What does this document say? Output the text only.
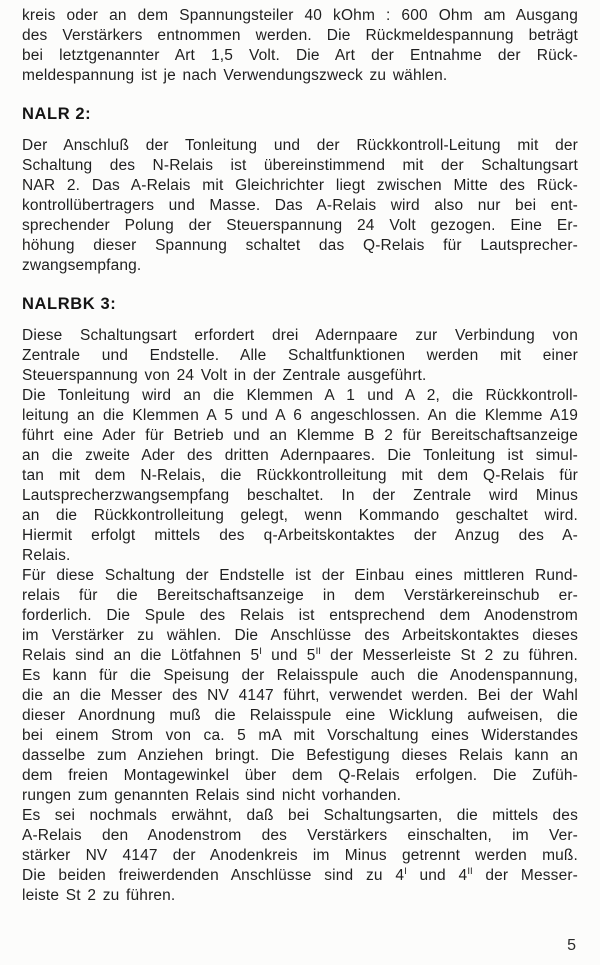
kreis oder an dem Spannungsteiler 40 kOhm : 600 Ohm am Ausgang
des Verstärkers entnommen werden. Die Rückmeldespannung beträgt
bei letztgenannter Art 1,5 Volt. Die Art der Entnahme der Rück-
meldespannung ist je nach Verwendungszweck zu wählen.
NALR 2:
Der Anschluß der Tonleitung und der Rückkontroll-Leitung mit der
Schaltung des N-Relais ist übereinstimmend mit der Schaltungsart
NAR 2. Das A-Relais mit Gleichrichter liegt zwischen Mitte des Rück-
kontrollübertragers und Masse. Das A-Relais wird also nur bei ent-
sprechender Polung der Steuerspannung 24 Volt gezogen. Eine Er-
höhung dieser Spannung schaltet das Q-Relais für Lautsprecher-
zwangsempfang.
NALRBK 3:
Diese Schaltungsart erfordert drei Adernpaare zur Verbindung von
Zentrale und Endstelle. Alle Schaltfunktionen werden mit einer
Steuerspannung von 24 Volt in der Zentrale ausgeführt.
Die Tonleitung wird an die Klemmen A 1 und A 2, die Rückkontroll-
leitung an die Klemmen A 5 und A 6 angeschlossen. An die Klemme A19
führt eine Ader für Betrieb und an Klemme B 2 für Bereitschaftsanzeige
an die zweite Ader des dritten Adernpaares. Die Tonleitung ist simul-
tan mit dem N-Relais, die Rückkontrolleitung mit dem Q-Relais für
Lautsprecherzwangsempfang beschaltet. In der Zentrale wird Minus
an die Rückkontrolleitung gelegt, wenn Kommando geschaltet wird.
Hiermit erfolgt mittels des q-Arbeitskontaktes der Anzug des A-
Relais.
Für diese Schaltung der Endstelle ist der Einbau eines mittleren Rund-
relais für die Bereitschaftsanzeige in dem Verstärkereinschub er-
forderlich. Die Spule des Relais ist entsprechend dem Anodenstrom
im Verstärker zu wählen. Die Anschlüsse des Arbeitskontaktes dieses
Relais sind an die Lötfahnen $5^I$ und $5^{II}$ der Messerleiste St 2 zu führen.
Es kann für die Speisung der Relaisspule auch die Anodenspannung,
die an die Messer des NV 4147 führt, verwendet werden. Bei der Wahl
dieser Anordnung muß die Relaisspule eine Wicklung aufweisen, die
bei einem Strom von ca. 5 mA mit Vorschaltung eines Widerstandes
dasselbe zum Anziehen bringt. Die Befestigung dieses Relais kann an
dem freien Montagewinkel über dem Q-Relais erfolgen. Die Zufüh-
rungen zum genannten Relais sind nicht vorhanden.
Es sei nochmals erwähnt, daß bei Schaltungsarten, die mittels des
A-Relais den Anodenstrom des Verstärkers einschalten, im Ver-
stärker NV 4147 der Anodenkreis im Minus getrennt werden muß.
Die beiden freiwerdenden Anschlüsse sind zu $4^I$ und $4^{II}$ der Messer-
leiste St 2 zu führen.
5
